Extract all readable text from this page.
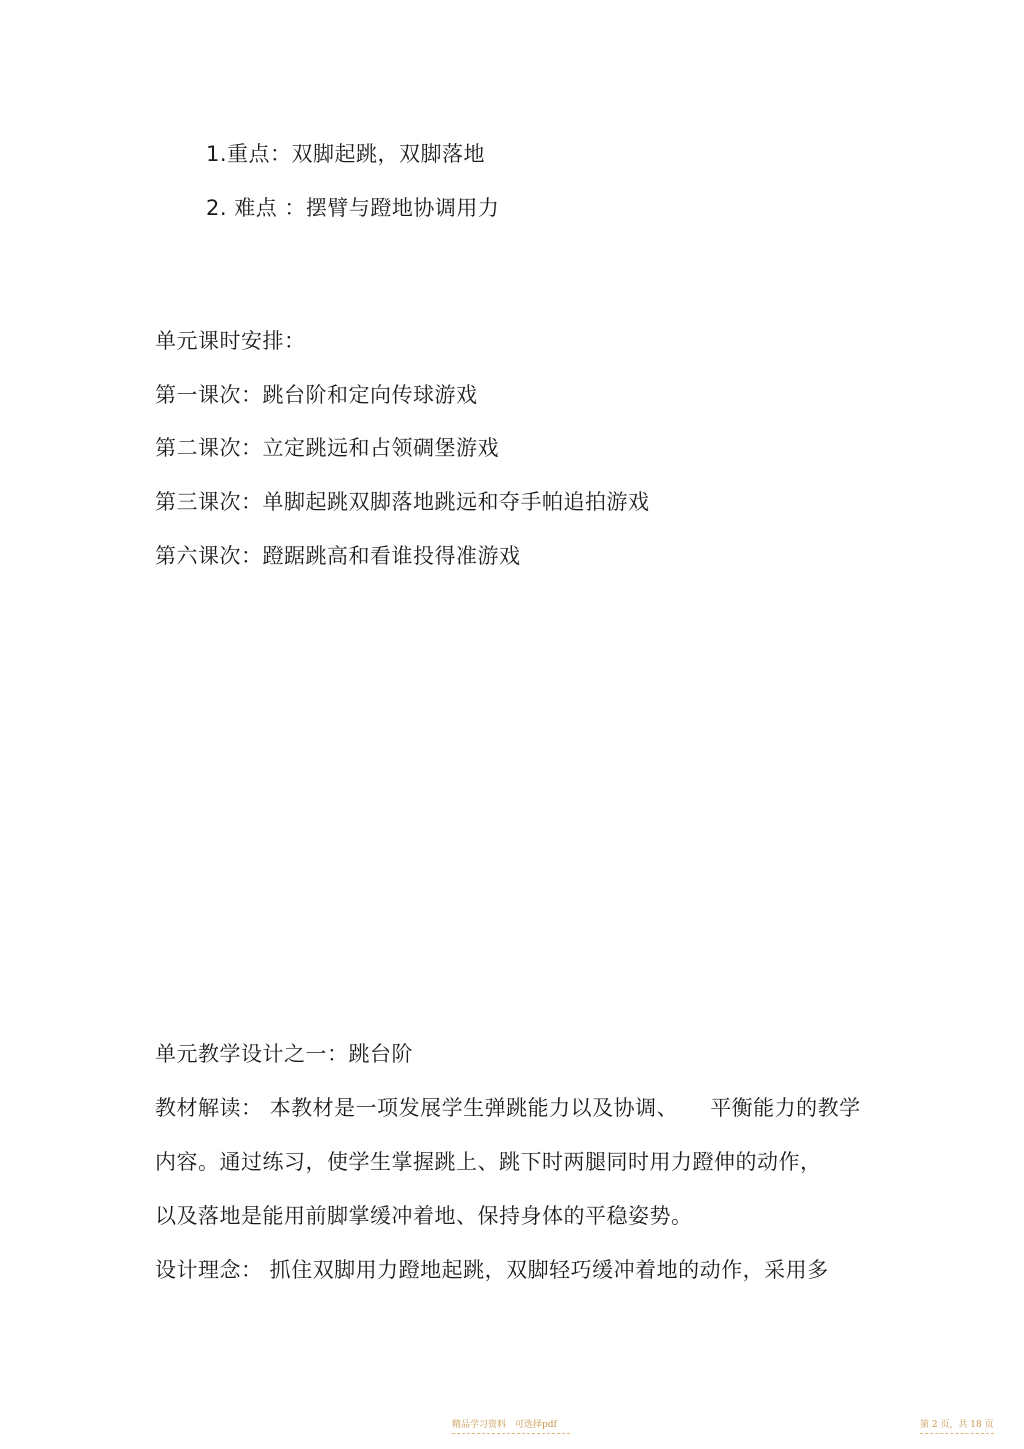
1.重点：双脚起跳，双脚落地
2. 难点 ：摆臂与蹬地协调用力
单元课时安排：
第一课次：跳台阶和定向传球游戏
第二课次：立定跳远和占领碉堡游戏
第三课次：单脚起跳双脚落地跳远和夺手帕追拍游戏
第六课次：蹬踞跳高和看谁投得准游戏
单元教学设计之一：跳台阶
教材解读： 本教材是一项发展学生弹跳能力以及协调、 平衡能力的教学
内容。通过练习，使学生掌握跳上、跳下时两腿同时用力蹬伸的动作，
以及落地是能用前脚掌缓冲着地、保持身体的平稳姿势。
设计理念： 抓住双脚用力蹬地起跳，双脚轻巧缓冲着地的动作，采用多
精品学习资料　可选择pdf	第 2 页，共 18 页
